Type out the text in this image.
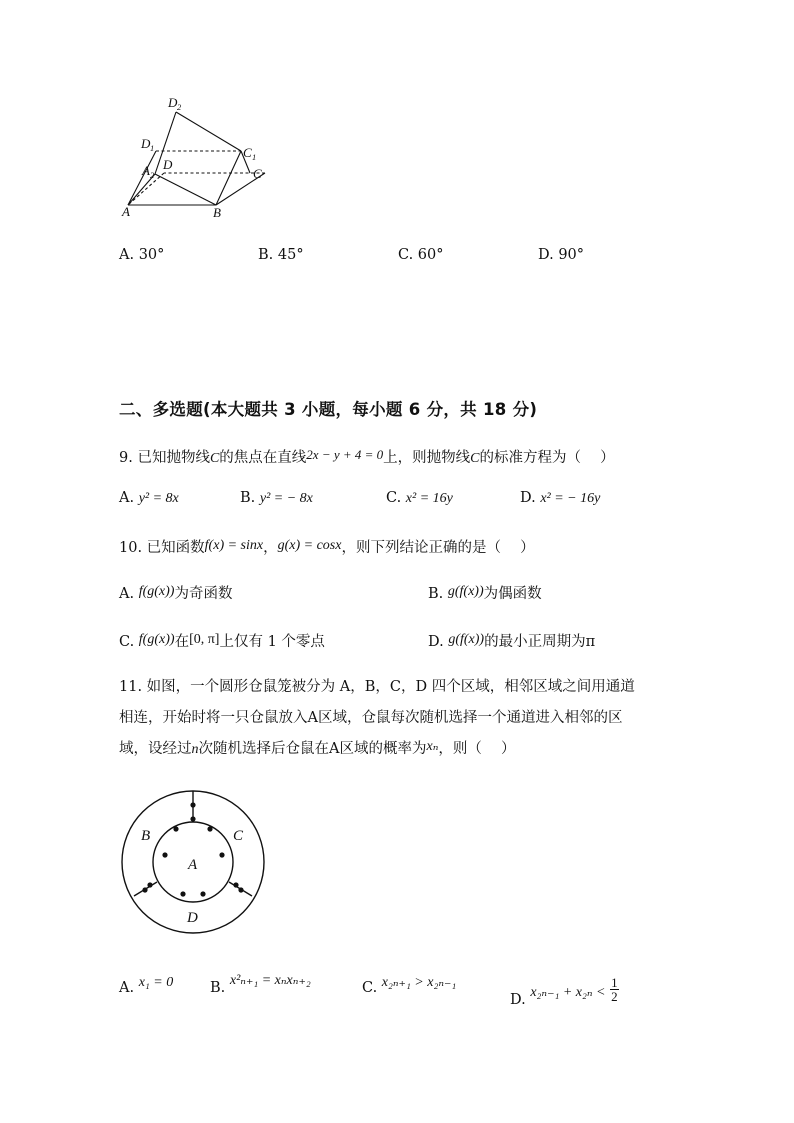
D 2
D 1
D
A 2
C 1
C
A	B
A. 30°	B. 45°	C. 60°	D. 90°
二、多选题(本大题共 3 小题，每小题 6 分，共 18 分)
9. 已知抛物线C的焦点在直线2x − y + 4 = 0上，则抛物线C的标准方程为（　 ）
A. y² = 8x	B. y² = − 8x	C. x² = 16y	D. x² = − 16y
10. 已知函数f(x) = sinx，g(x) = cosx，则下列结论正确的是（　 ）
A. f(g(x))为奇函数	B. g(f(x))为偶函数
C. f(g(x))在[0, π]上仅有 1 个零点	D. g(f(x))的最小正周期为π
11. 如图，一个圆形仓鼠笼被分为 A，B，C，D 四个区域，相邻区域之间用通道
相连，开始时将一只仓鼠放入A区域，仓鼠每次随机选择一个通道进入相邻的区
域，设经过n次随机选择后仓鼠在A区域的概率为xₙ，则（　 ）
A
B	C
D
A. x₁ = 0	B. x²ₙ₊₁ = xₙxₙ₊₂	C. x₂ₙ₊₁ > x₂ₙ₋₁
D. $x_{2n-1} + x_{2n} < \frac{1}{2}$
